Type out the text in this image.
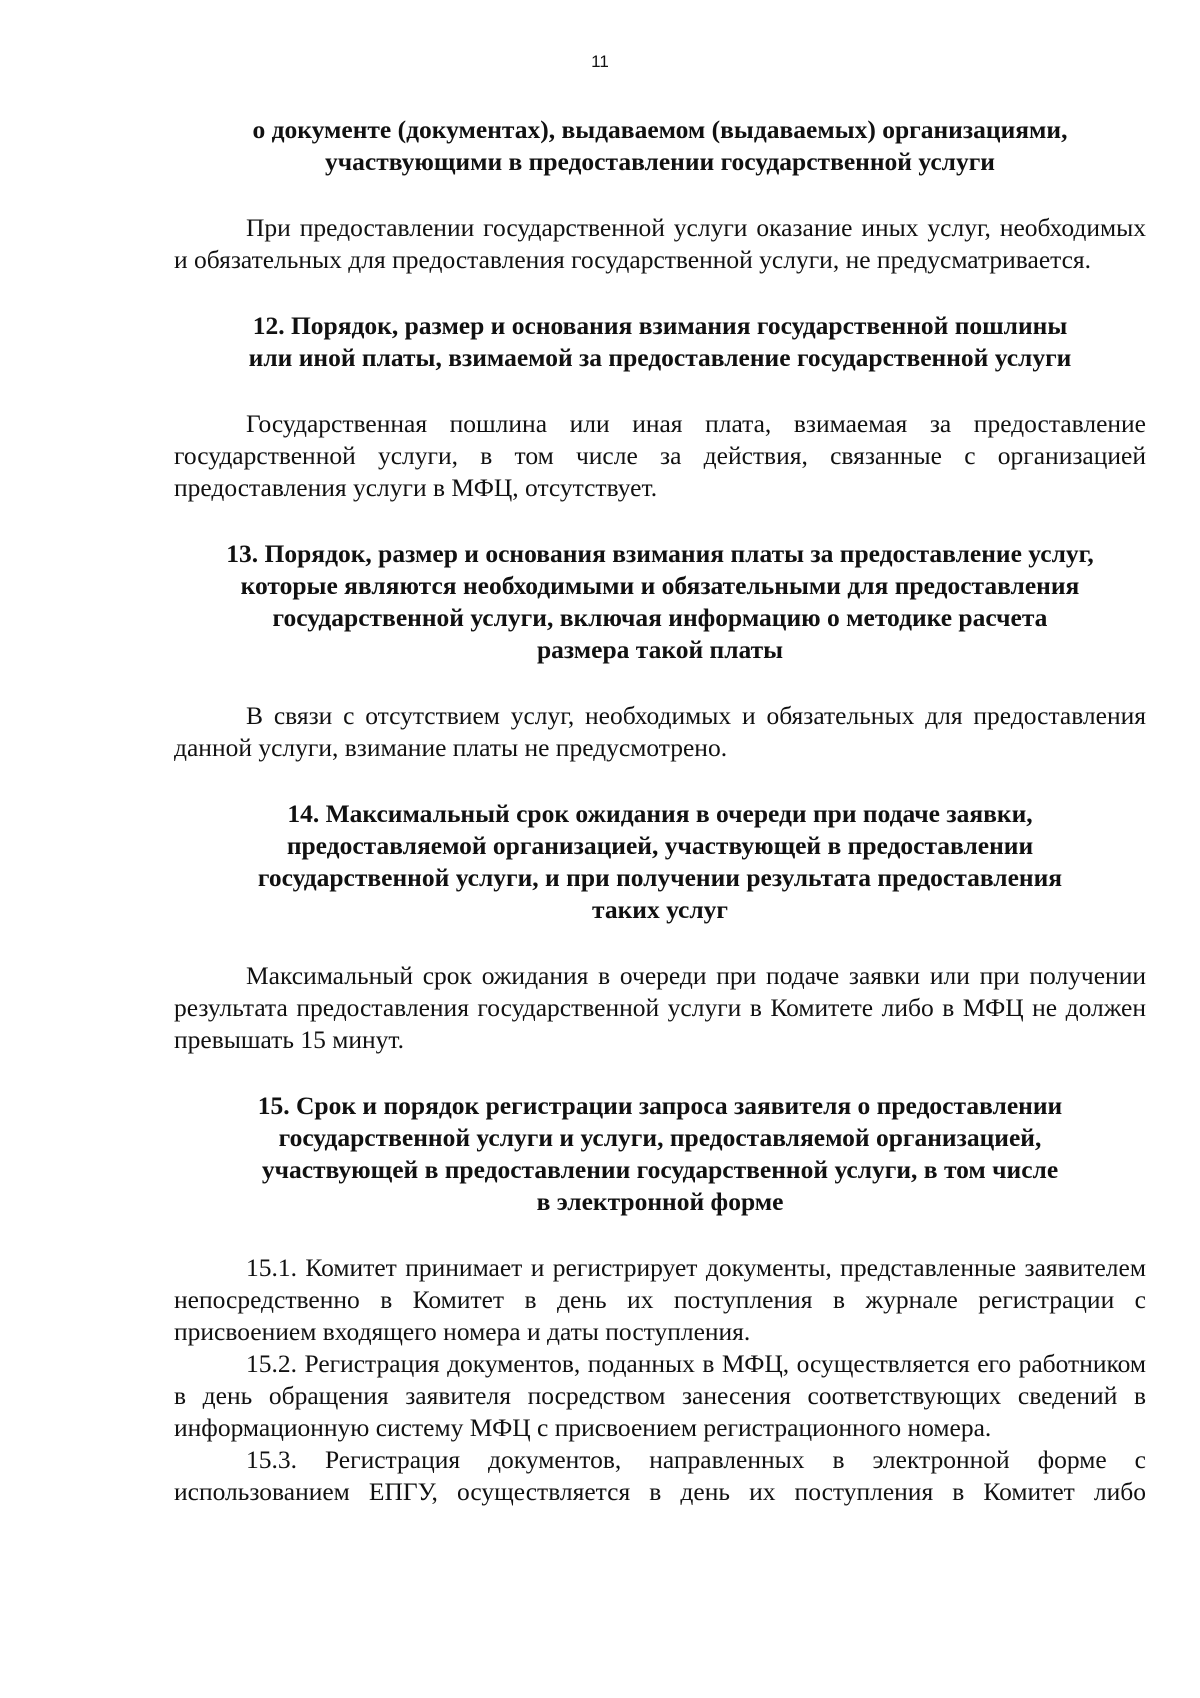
11
о документе (документах), выдаваемом (выдаваемых) организациями,
участвующими в предоставлении государственной услуги

При предоставлении государственной услуги оказание иных услуг, необходимых и обязательных для предоставления государственной услуги, не предусматривается.

12. Порядок, размер и основания взимания государственной пошлины
или иной платы, взимаемой за предоставление государственной услуги

Государственная пошлина или иная плата, взимаемая за предоставление государственной услуги, в том числе за действия, связанные с организацией предоставления услуги в МФЦ, отсутствует.

13. Порядок, размер и основания взимания платы за предоставление услуг,
которые являются необходимыми и обязательными для предоставления
государственной услуги, включая информацию о методике расчета
размера такой платы

В связи с отсутствием услуг, необходимых и обязательных для предоставления данной услуги, взимание платы не предусмотрено.

14. Максимальный срок ожидания в очереди при подаче заявки,
предоставляемой организацией, участвующей в предоставлении
государственной услуги, и при получении результата предоставления
таких услуг

Максимальный срок ожидания в очереди при подаче заявки или при получении результата предоставления государственной услуги в Комитете либо в МФЦ не должен превышать 15 минут.

15. Срок и порядок регистрации запроса заявителя о предоставлении
государственной услуги и услуги, предоставляемой организацией,
участвующей в предоставлении государственной услуги, в том числе
в электронной форме

15.1. Комитет принимает и регистрирует документы, представленные заявителем непосредственно в Комитет в день их поступления в журнале регистрации с присвоением входящего номера и даты поступления.

15.2. Регистрация документов, поданных в МФЦ, осуществляется его работником в день обращения заявителя посредством занесения соответствующих сведений в информационную систему МФЦ с присвоением регистрационного номера.

15.3. Регистрация документов, направленных в электронной форме с использованием ЕПГУ, осуществляется в день их поступления в Комитет либо
